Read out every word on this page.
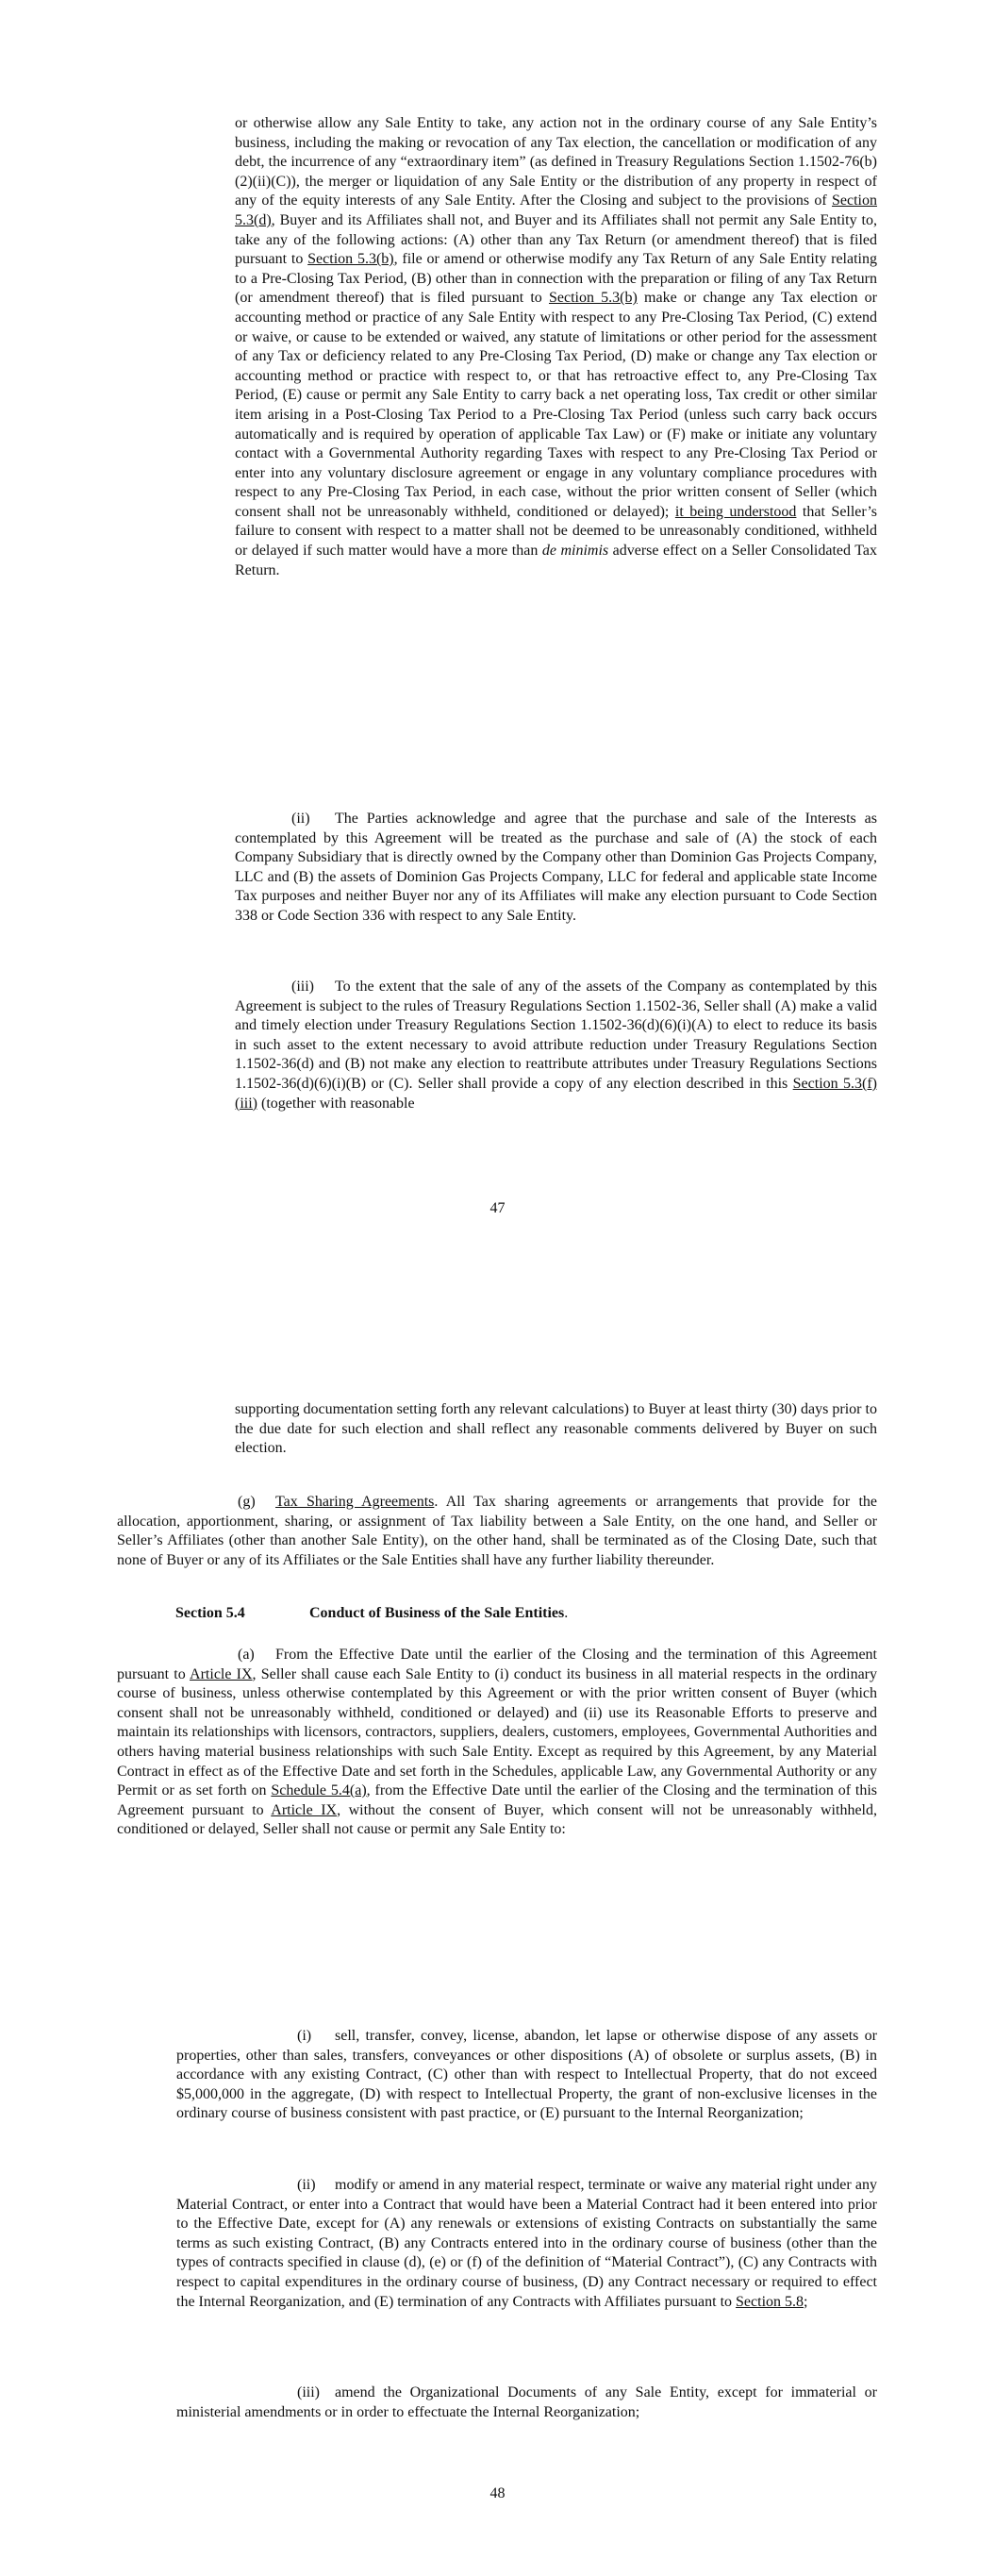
or otherwise allow any Sale Entity to take, any action not in the ordinary course of any Sale Entity’s business, including the making or revocation of any Tax election, the cancellation or modification of any debt, the incurrence of any “extraordinary item” (as defined in Treasury Regulations Section 1.1502-76(b)(2)(ii)(C)), the merger or liquidation of any Sale Entity or the distribution of any property in respect of any of the equity interests of any Sale Entity. After the Closing and subject to the provisions of Section 5.3(d), Buyer and its Affiliates shall not, and Buyer and its Affiliates shall not permit any Sale Entity to, take any of the following actions: (A) other than any Tax Return (or amendment thereof) that is filed pursuant to Section 5.3(b), file or amend or otherwise modify any Tax Return of any Sale Entity relating to a Pre-Closing Tax Period, (B) other than in connection with the preparation or filing of any Tax Return (or amendment thereof) that is filed pursuant to Section 5.3(b) make or change any Tax election or accounting method or practice of any Sale Entity with respect to any Pre-Closing Tax Period, (C) extend or waive, or cause to be extended or waived, any statute of limitations or other period for the assessment of any Tax or deficiency related to any Pre-Closing Tax Period, (D) make or change any Tax election or accounting method or practice with respect to, or that has retroactive effect to, any Pre-Closing Tax Period, (E) cause or permit any Sale Entity to carry back a net operating loss, Tax credit or other similar item arising in a Post-Closing Tax Period to a Pre-Closing Tax Period (unless such carry back occurs automatically and is required by operation of applicable Tax Law) or (F) make or initiate any voluntary contact with a Governmental Authority regarding Taxes with respect to any Pre-Closing Tax Period or enter into any voluntary disclosure agreement or engage in any voluntary compliance procedures with respect to any Pre-Closing Tax Period, in each case, without the prior written consent of Seller (which consent shall not be unreasonably withheld, conditioned or delayed); it being understood that Seller’s failure to consent with respect to a matter shall not be deemed to be unreasonably conditioned, withheld or delayed if such matter would have a more than de minimis adverse effect on a Seller Consolidated Tax Return.

(ii) The Parties acknowledge and agree that the purchase and sale of the Interests as contemplated by this Agreement will be treated as the purchase and sale of (A) the stock of each Company Subsidiary that is directly owned by the Company other than Dominion Gas Projects Company, LLC and (B) the assets of Dominion Gas Projects Company, LLC for federal and applicable state Income Tax purposes and neither Buyer nor any of its Affiliates will make any election pursuant to Code Section 338 or Code Section 336 with respect to any Sale Entity.

(iii) To the extent that the sale of any of the assets of the Company as contemplated by this Agreement is subject to the rules of Treasury Regulations Section 1.1502-36, Seller shall (A) make a valid and timely election under Treasury Regulations Section 1.1502-36(d)(6)(i)(A) to elect to reduce its basis in such asset to the extent necessary to avoid attribute reduction under Treasury Regulations Section 1.1502-36(d) and (B) not make any election to reattribute attributes under Treasury Regulations Sections 1.1502-36(d)(6)(i)(B) or (C). Seller shall provide a copy of any election described in this Section 5.3(f)(iii) (together with reasonable

47

supporting documentation setting forth any relevant calculations) to Buyer at least thirty (30) days prior to the due date for such election and shall reflect any reasonable comments delivered by Buyer on such election.

(g) Tax Sharing Agreements. All Tax sharing agreements or arrangements that provide for the allocation, apportionment, sharing, or assignment of Tax liability between a Sale Entity, on the one hand, and Seller or Seller’s Affiliates (other than another Sale Entity), on the other hand, shall be terminated as of the Closing Date, such that none of Buyer or any of its Affiliates or the Sale Entities shall have any further liability thereunder.

Section 5.4	Conduct of Business of the Sale Entities.

(a) From the Effective Date until the earlier of the Closing and the termination of this Agreement pursuant to Article IX, Seller shall cause each Sale Entity to (i) conduct its business in all material respects in the ordinary course of business, unless otherwise contemplated by this Agreement or with the prior written consent of Buyer (which consent shall not be unreasonably withheld, conditioned or delayed) and (ii) use its Reasonable Efforts to preserve and maintain its relationships with licensors, contractors, suppliers, dealers, customers, employees, Governmental Authorities and others having material business relationships with such Sale Entity. Except as required by this Agreement, by any Material Contract in effect as of the Effective Date and set forth in the Schedules, applicable Law, any Governmental Authority or any Permit or as set forth on Schedule 5.4(a), from the Effective Date until the earlier of the Closing and the termination of this Agreement pursuant to Article IX, without the consent of Buyer, which consent will not be unreasonably withheld, conditioned or delayed, Seller shall not cause or permit any Sale Entity to:

(i) sell, transfer, convey, license, abandon, let lapse or otherwise dispose of any assets or properties, other than sales, transfers, conveyances or other dispositions (A) of obsolete or surplus assets, (B) in accordance with any existing Contract, (C) other than with respect to Intellectual Property, that do not exceed $5,000,000 in the aggregate, (D) with respect to Intellectual Property, the grant of non-exclusive licenses in the ordinary course of business consistent with past practice, or (E) pursuant to the Internal Reorganization;

(ii) modify or amend in any material respect, terminate or waive any material right under any Material Contract, or enter into a Contract that would have been a Material Contract had it been entered into prior to the Effective Date, except for (A) any renewals or extensions of existing Contracts on substantially the same terms as such existing Contract, (B) any Contracts entered into in the ordinary course of business (other than the types of contracts specified in clause (d), (e) or (f) of the definition of “Material Contract”), (C) any Contracts with respect to capital expenditures in the ordinary course of business, (D) any Contract necessary or required to effect the Internal Reorganization, and (E) termination of any Contracts with Affiliates pursuant to Section 5.8;

(iii) amend the Organizational Documents of any Sale Entity, except for immaterial or ministerial amendments or in order to effectuate the Internal Reorganization;

48
